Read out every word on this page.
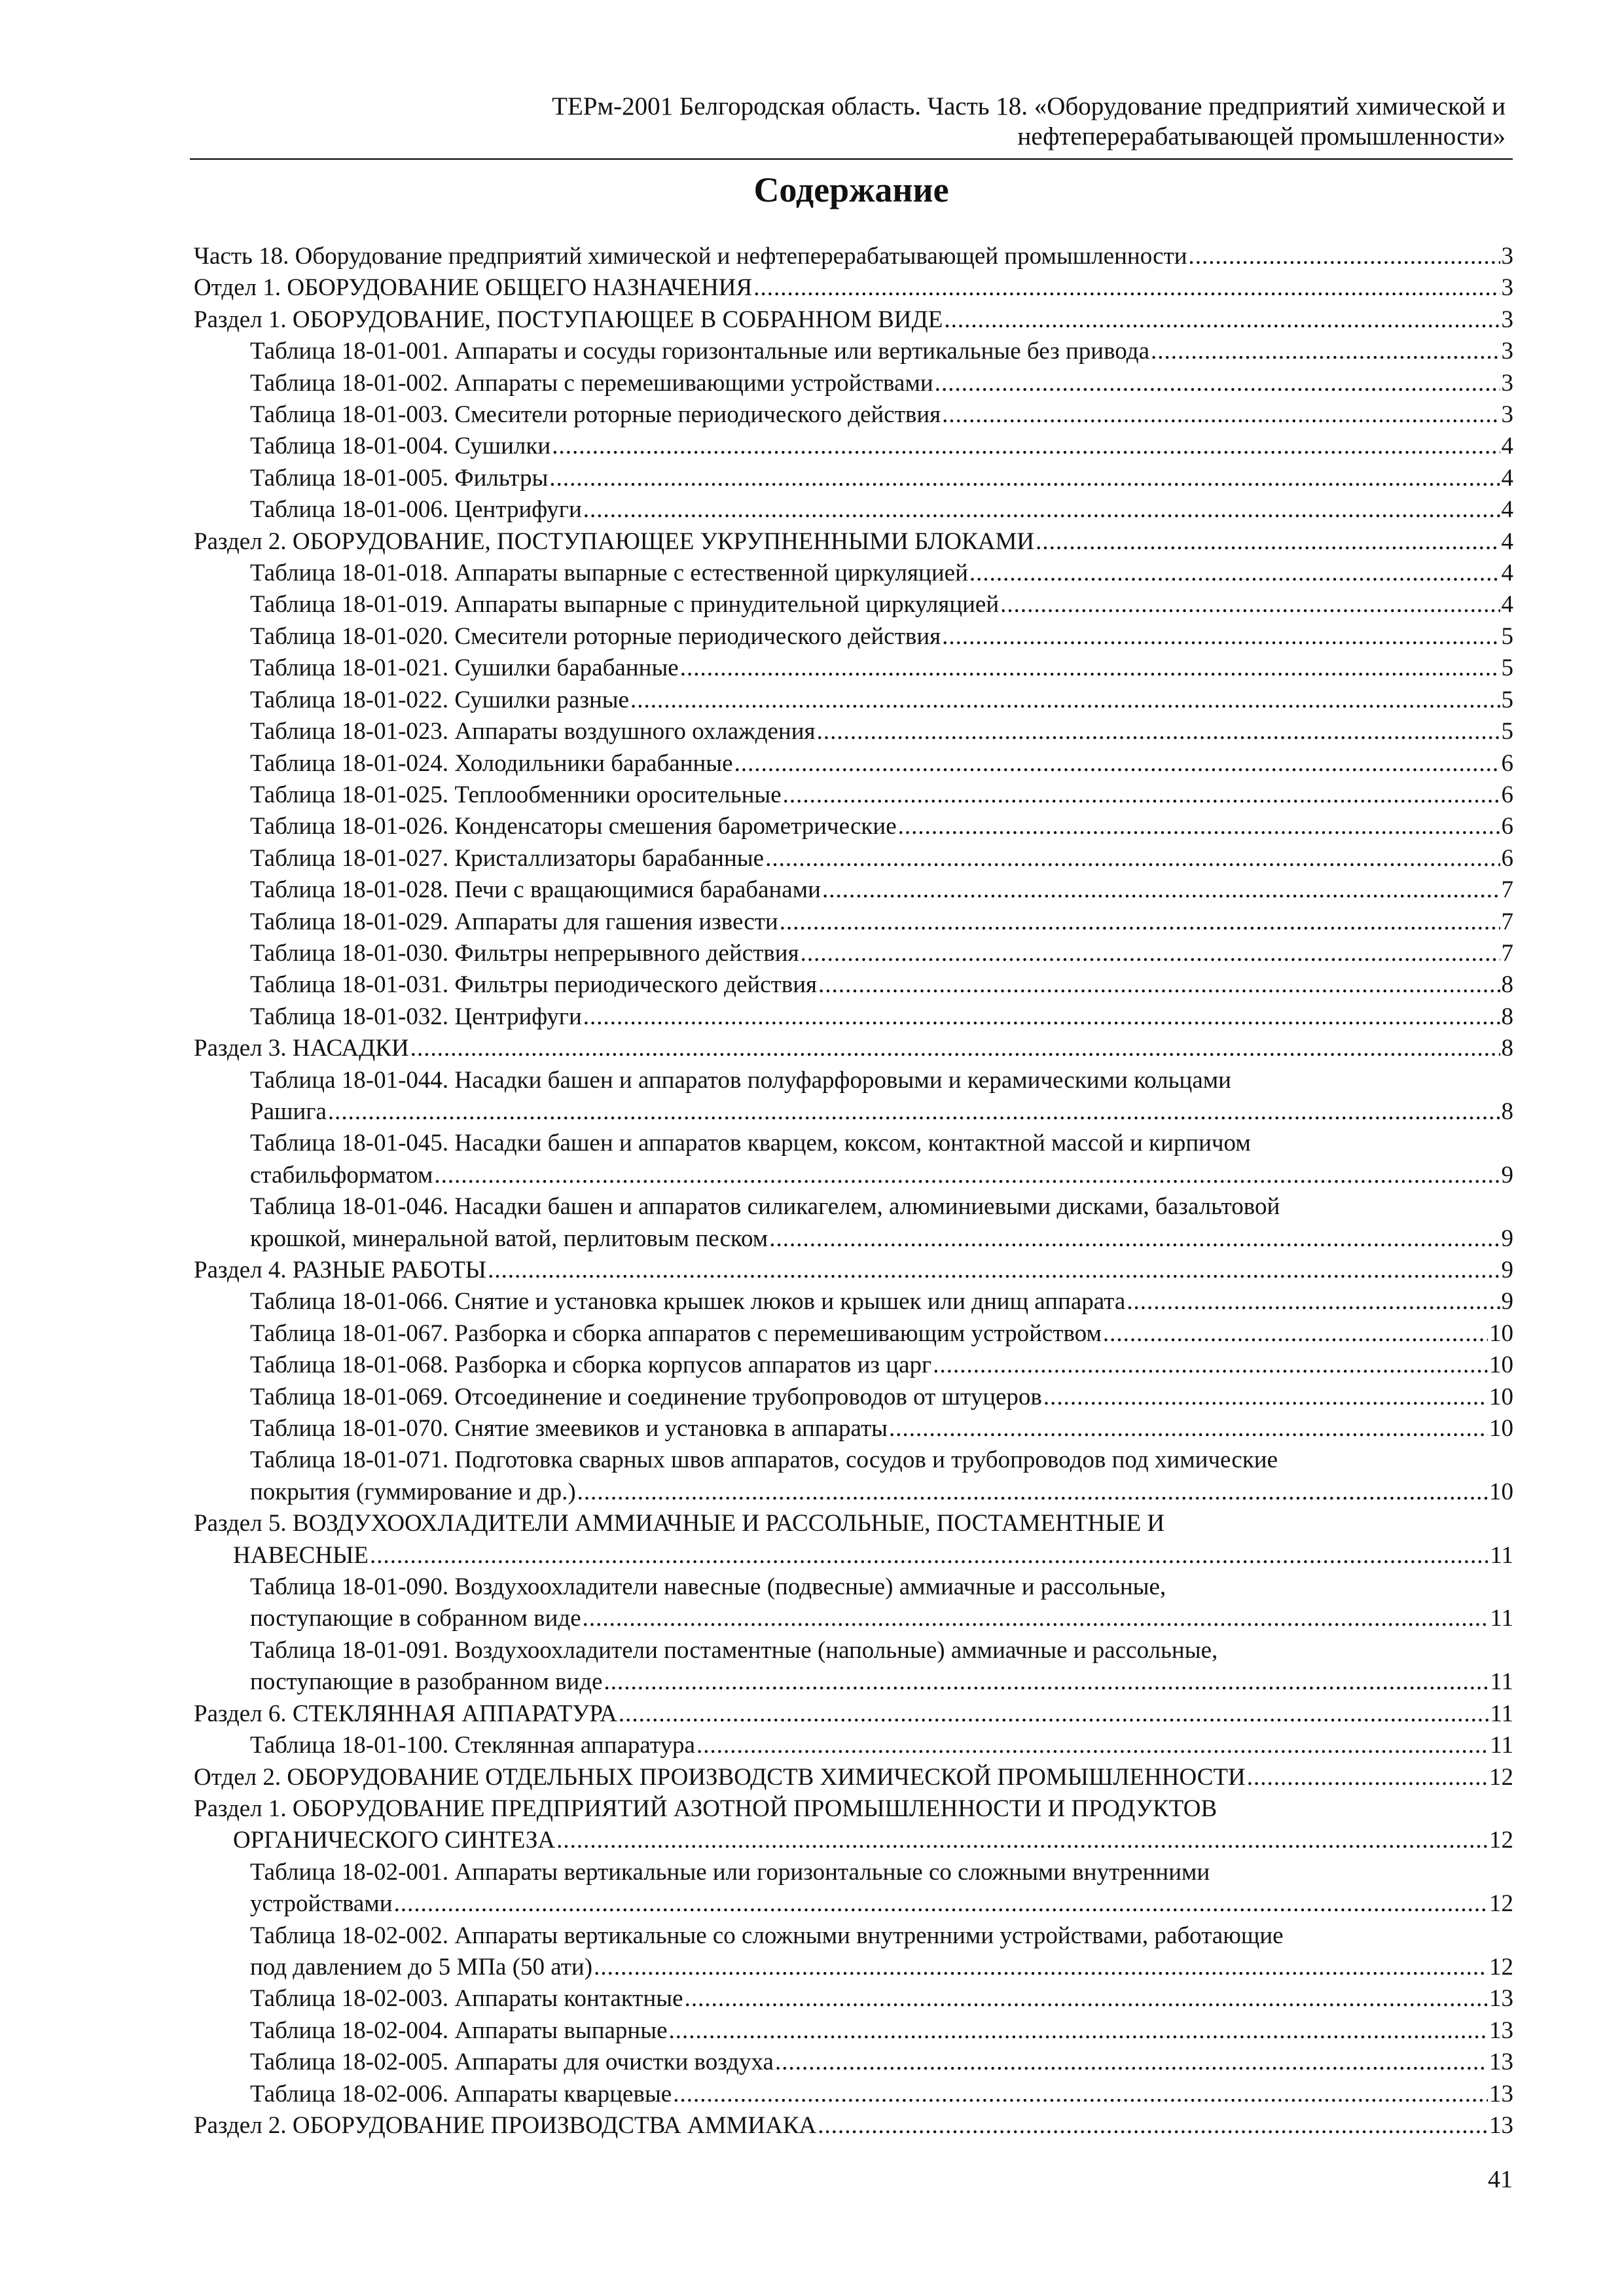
ТЕРм-2001 Белгородская область. Часть 18. «Оборудование предприятий химической и
нефтеперерабатывающей промышленности»
Содержание
Часть 18. Оборудование предприятий химической и нефтеперерабатывающей промышленности .....	3
Отдел 1. ОБОРУДОВАНИЕ ОБЩЕГО НАЗНАЧЕНИЯ .....	3
Раздел 1. ОБОРУДОВАНИЕ, ПОСТУПАЮЩЕЕ В СОБРАННОМ ВИДЕ .....	3
Таблица 18-01-001. Аппараты и сосуды горизонтальные или вертикальные без привода .....	3
Таблица 18-01-002. Аппараты с перемешивающими устройствами .....	3
Таблица 18-01-003. Смесители роторные периодического действия .....	3
Таблица 18-01-004. Сушилки .....	4
Таблица 18-01-005. Фильтры .....	4
Таблица 18-01-006. Центрифуги .....	4
Раздел 2. ОБОРУДОВАНИЕ, ПОСТУПАЮЩЕЕ УКРУПНЕННЫМИ БЛОКАМИ .....	4
Таблица 18-01-018. Аппараты выпарные с естественной циркуляцией .....	4
Таблица 18-01-019. Аппараты выпарные с принудительной циркуляцией .....	4
Таблица 18-01-020. Смесители роторные периодического действия .....	5
Таблица 18-01-021. Сушилки барабанные .....	5
Таблица 18-01-022. Сушилки разные .....	5
Таблица 18-01-023. Аппараты воздушного охлаждения .....	5
Таблица 18-01-024. Холодильники барабанные .....	6
Таблица 18-01-025. Теплообменники оросительные .....	6
Таблица 18-01-026. Конденсаторы смешения барометрические .....	6
Таблица 18-01-027. Кристаллизаторы барабанные .....	6
Таблица 18-01-028. Печи с вращающимися барабанами .....	7
Таблица 18-01-029. Аппараты для гашения извести .....	7
Таблица 18-01-030. Фильтры непрерывного действия .....	7
Таблица 18-01-031. Фильтры периодического действия .....	8
Таблица 18-01-032. Центрифуги .....	8
Раздел 3. НАСАДКИ .....	8
Таблица 18-01-044. Насадки башен и аппаратов полуфарфоровыми и керамическими кольцами
Рашига .....	8
Таблица 18-01-045. Насадки башен и аппаратов кварцем, коксом, контактной массой и кирпичом
стабильформатом .....	9
Таблица 18-01-046. Насадки башен и аппаратов силикагелем, алюминиевыми дисками, базальтовой
крошкой, минеральной ватой, перлитовым песком .....	9
Раздел 4. РАЗНЫЕ РАБОТЫ .....	9
Таблица 18-01-066. Снятие и установка крышек люков и крышек или днищ аппарата .....	9
Таблица 18-01-067. Разборка и сборка аппаратов с перемешивающим устройством .....	10
Таблица 18-01-068. Разборка и сборка корпусов аппаратов из царг .....	10
Таблица 18-01-069. Отсоединение и соединение трубопроводов от штуцеров .....	10
Таблица 18-01-070. Снятие змеевиков и установка в аппараты .....	10
Таблица 18-01-071. Подготовка сварных швов аппаратов, сосудов и трубопроводов под химические
покрытия (гуммирование и др.) .....	10
Раздел 5. ВОЗДУХООХЛАДИТЕЛИ АММИАЧНЫЕ И РАССОЛЬНЫЕ, ПОСТАМЕНТНЫЕ И
НАВЕСНЫЕ .....	11
Таблица 18-01-090. Воздухоохладители навесные (подвесные) аммиачные и рассольные,
поступающие в собранном виде .....	11
Таблица 18-01-091. Воздухоохладители постаментные (напольные) аммиачные и рассольные,
поступающие в разобранном виде .....	11
Раздел 6. СТЕКЛЯННАЯ АППАРАТУРА .....	11
Таблица 18-01-100. Стеклянная аппаратура .....	11
Отдел 2. ОБОРУДОВАНИЕ ОТДЕЛЬНЫХ ПРОИЗВОДСТВ ХИМИЧЕСКОЙ ПРОМЫШЛЕННОСТИ .....	12
Раздел 1. ОБОРУДОВАНИЕ ПРЕДПРИЯТИЙ АЗОТНОЙ ПРОМЫШЛЕННОСТИ И ПРОДУКТОВ
ОРГАНИЧЕСКОГО СИНТЕЗА .....	12
Таблица 18-02-001. Аппараты вертикальные или горизонтальные со сложными внутренними
устройствами .....	12
Таблица 18-02-002. Аппараты вертикальные со сложными внутренними устройствами, работающие
под давлением до 5 МПа (50 ати) .....	12
Таблица 18-02-003. Аппараты контактные .....	13
Таблица 18-02-004. Аппараты выпарные .....	13
Таблица 18-02-005. Аппараты для очистки воздуха .....	13
Таблица 18-02-006. Аппараты кварцевые .....	13
Раздел 2. ОБОРУДОВАНИЕ ПРОИЗВОДСТВА АММИАКА .....	13
41
